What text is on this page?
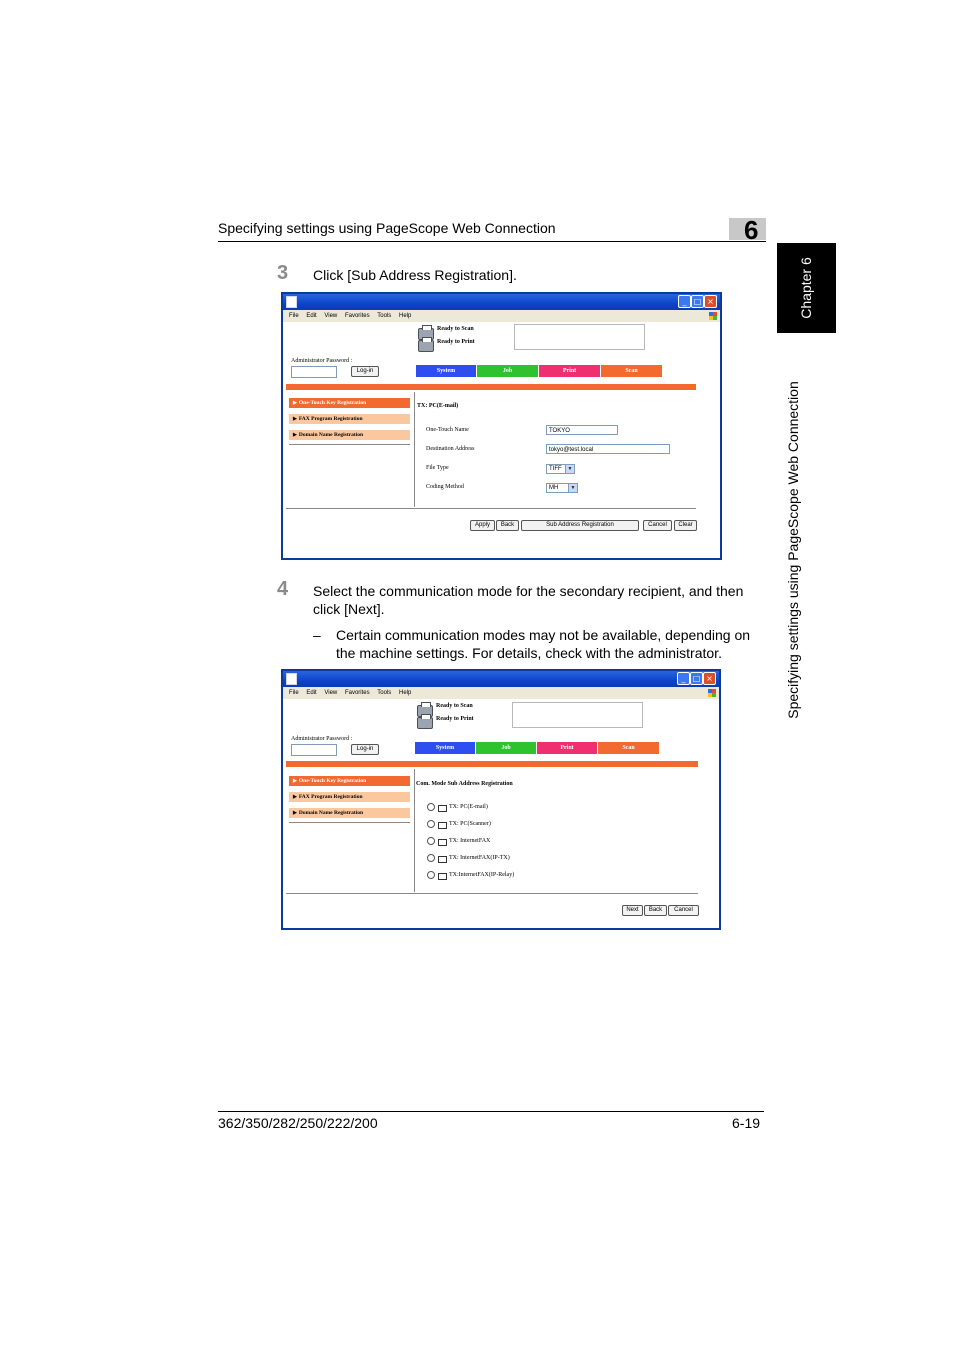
Specifying settings using PageScope Web Connection	6
Chapter 6
Specifying settings using PageScope Web Connection
3 Click [Sub Address Registration].
_ □ ×
File Edit View Favorites Tools Help
Ready to Scan
Ready to Print
Administrator Password :
Log-in	System	Job	Print	Scan
▶ One-Touch Key Registration
▶ FAX Program Registration
▶ Domain Name Registration
TX: PC(E-mail)
One-Touch Name	TOKYO
Destination Address	tokyo@test.local
File Type	TIFF	▼
Coding Method	MH	▼
Apply	Back	Sub Address Registration	Cancel	Clear
4 Select the communication mode for the secondary recipient, and then click [Next].
– Certain communication modes may not be available, depending on the machine settings. For details, check with the administrator.
_ □ ×
File Edit View Favorites Tools Help
Ready to Scan
Ready to Print
Administrator Password :
Log-in	System	Job	Print	Scan
▶ One-Touch Key Registration
▶ FAX Program Registration
▶ Domain Name Registration
Com. Mode Sub Address Registration
TX: PC(E-mail)
TX: PC(Scanner)
TX: InternetFAX
TX: InternetFAX(IP-TX)
TX:InternetFAX(IP-Relay)
Next	Back	Cancel
362/350/282/250/222/200	6-19
